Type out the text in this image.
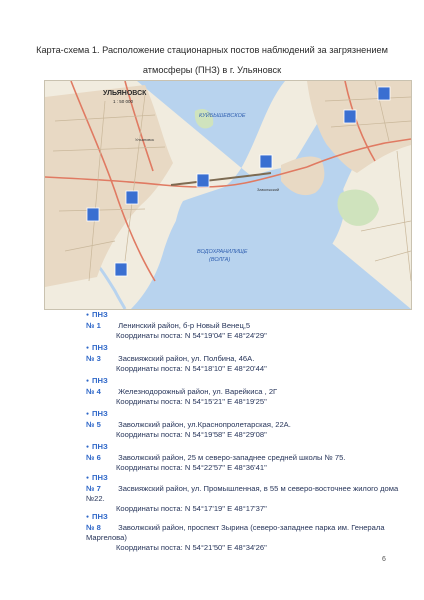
Карта-схема 1. Расположение стационарных постов наблюдений за загрязнением
атмосферы (ПНЗ) в г. Ульяновск
УЛЬЯНОВСК
1 : 50 000
КУЙБЫШЕВСКОЕ
ВОДОХРАНИЛИЩЕ
(ВОЛГА)
Ульяновск
Заволжский
● ПНЗ № 1 Ленинский район, б-р Новый Венец,5
Координаты поста: N 54°19'04" E 48°24'29"
● ПНЗ № 3 Засвияжский район, ул. Полбина, 46А.
Координаты поста: N 54°18'10" E 48°20'44"
● ПНЗ № 4 Железнодорожный район, ул. Варейкиса , 2Г
Координаты поста: N 54°15'21" E 48°19'25"
● ПНЗ № 5 Заволжский район, ул.Краснопролетарская, 22А.
Координаты поста: N 54°19'58" E 48°29'08"
● ПНЗ № 6 Заволжский район, 25 м северо-западнее средней школы № 75.
Координаты поста: N 54°22'57" E 48°36'41"
● ПНЗ № 7 Засвияжский район, ул. Промышленная, в 55 м северо-восточнее жилого дома №22.
Координаты поста: N 54°17'19" E 48°17'37"
● ПНЗ № 8 Заволжский район, проспект Зырина (северо-западнее парка им. Генерала Маргелова)
Координаты поста: N 54°21'50" E 48°34'26"
6
